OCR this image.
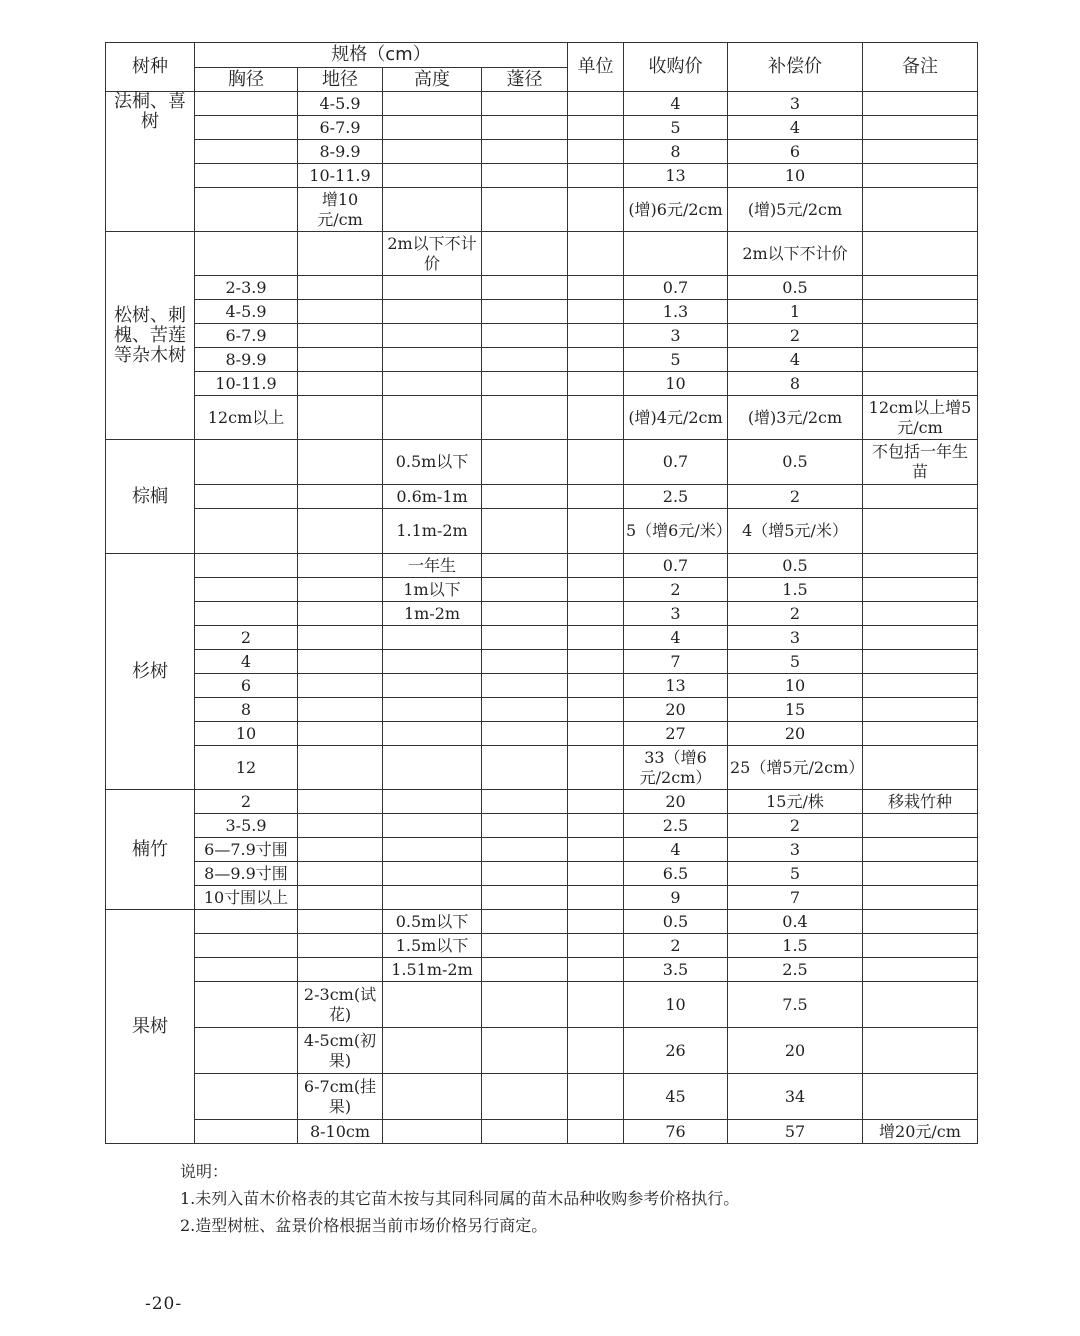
树种	规格（cm）				单位	收购价	补偿价	备注
	胸径	地径	高度	蓬径				
法桐、喜树		4-5.9				4	3	
		6-7.9				5	4	
		8-9.9				8	6	
		10-11.9				13	10	
		增10元/cm				(增)6元/2cm	(增)5元/2cm	
松树、刺槐、苦莲等杂木树			2m以下不计价				2m以下不计价	
	2-3.9					0.7	0.5	
	4-5.9					1.3	1	
	6-7.9					3	2	
	8-9.9					5	4	
	10-11.9					10	8	
	12cm以上					(增)4元/2cm	(增)3元/2cm	12cm以上增5元/cm
棕榈			0.5m以下			0.7	0.5	不包括一年生苗
			0.6m-1m			2.5	2	
			1.1m-2m			5（增6元/米）	4（增5元/米）	
杉树			一年生			0.7	0.5	
			1m以下			2	1.5	
			1m-2m			3	2	
	2					4	3	
	4					7	5	
	6					13	10	
	8					20	15	
	10					27	20	
	12					33（增6元/2cm）	25（增5元/2cm）	
楠竹	2					20	15元/株	移栽竹种
	3-5.9					2.5	2	
	6—7.9寸围					4	3	
	8—9.9寸围					6.5	5	
	10寸围以上					9	7	
果树			0.5m以下			0.5	0.4	
			1.5m以下			2	1.5	
			1.51m-2m			3.5	2.5	
		2-3cm(试花)				10	7.5	
		4-5cm(初果)				26	20	
		6-7cm(挂果)				45	34	
		8-10cm				76	57	增20元/cm
说明：
1.未列入苗木价格表的其它苗木按与其同科同属的苗木品种收购参考价格执行。
2.造型树桩、盆景价格根据当前市场价格另行商定。
-20-
